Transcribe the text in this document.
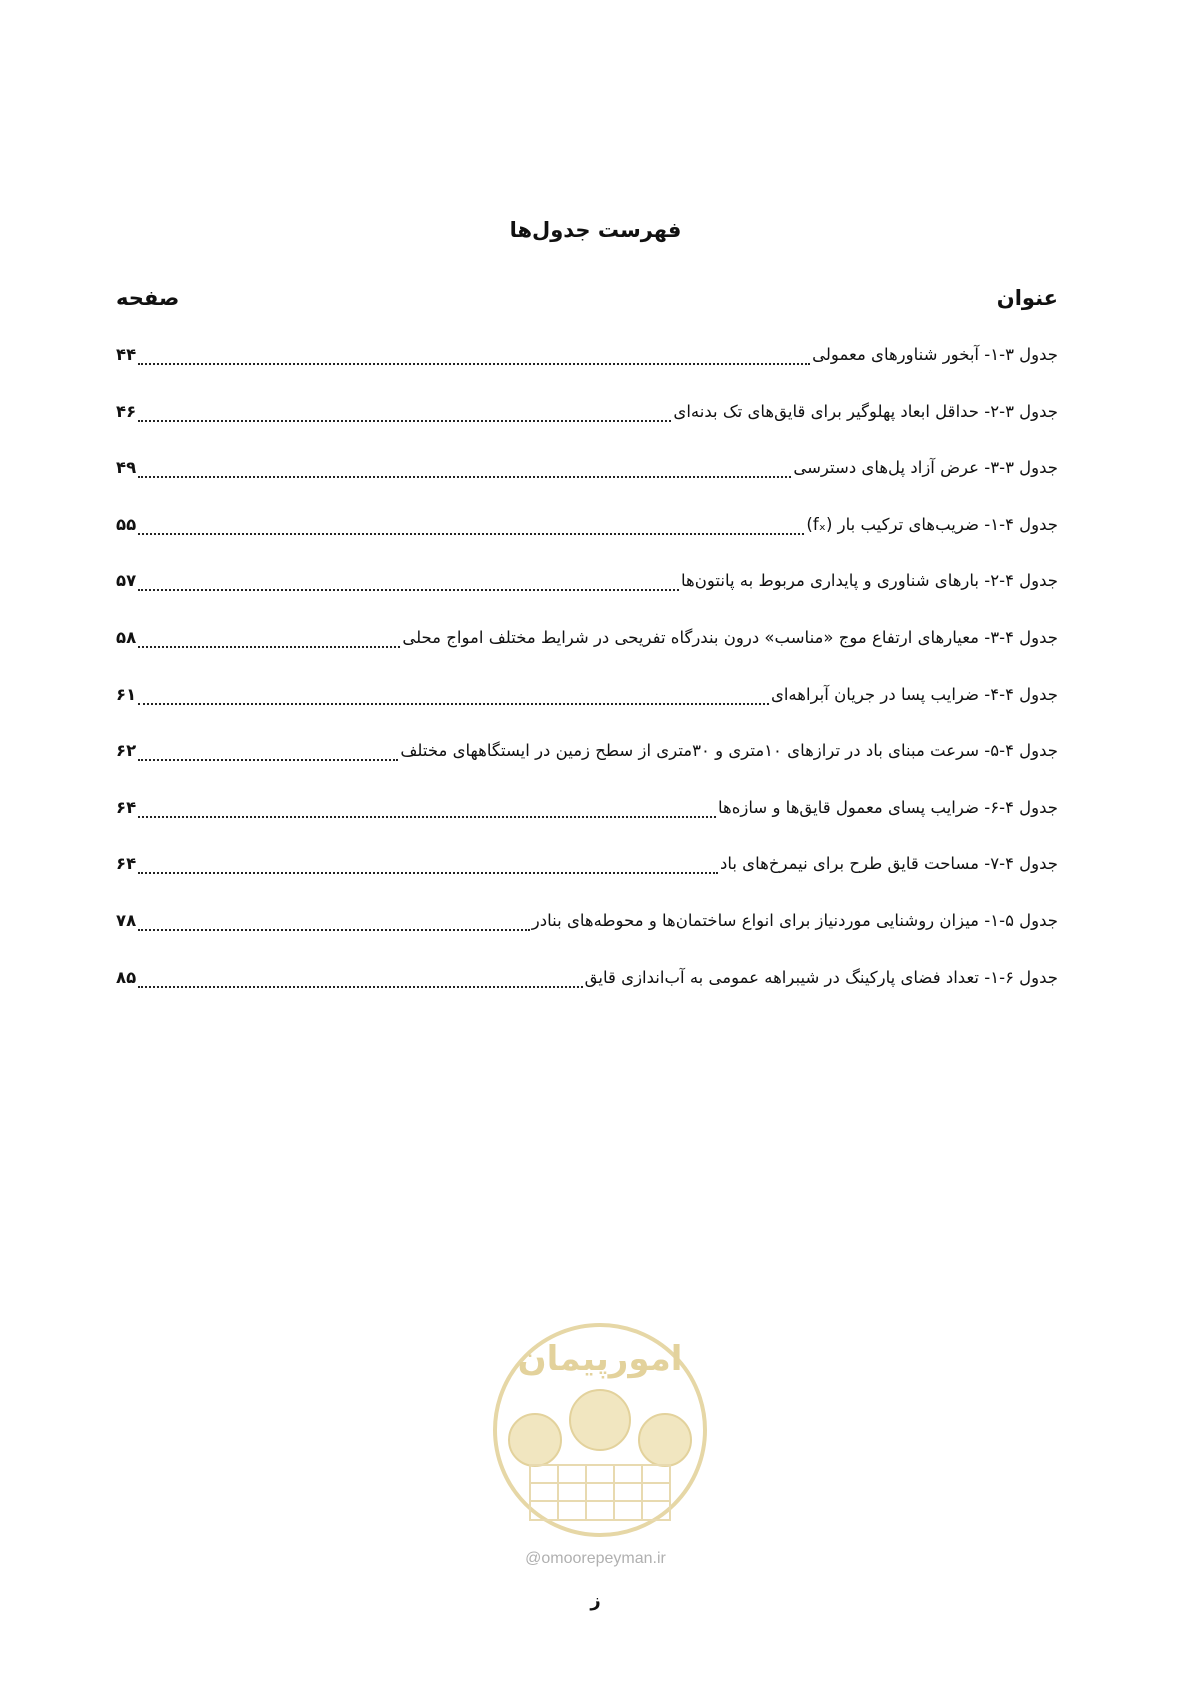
فهرست جدول‌ها
عنوان
صفحه
جدول ۳-۱- آبخور شناورهای معمولی
۴۴
جدول ۳-۲- حداقل ابعاد پهلوگیر برای قایق‌های تک بدنه‌ای
۴۶
جدول ۳-۳- عرض آزاد پل‌های دسترسی
۴۹
جدول ۴-۱- ضریب‌های ترکیب بار (fₓ)
۵۵
جدول ۴-۲- بارهای شناوری و پایداری مربوط به پانتون‌ها
۵۷
جدول ۴-۳- معیارهای ارتفاع موج «مناسب» درون بندرگاه تفریحی در شرایط مختلف امواج محلی
۵۸
جدول ۴-۴- ضرایب پسا در جریان آبراهه‌ای
۶۱
جدول ۴-۵- سرعت مبنای باد در ترازهای ۱۰متری و ۳۰متری از سطح زمین در ایستگاههای مختلف
۶۲
جدول ۴-۶- ضرایب پسای معمول قایق‌ها و سازه‌ها
۶۴
جدول ۴-۷- مساحت قایق طرح برای نیمرخ‌های باد
۶۴
جدول ۵-۱- میزان روشنایی موردنیاز برای انواع ساختمان‌ها و محوطه‌های بنادر
۷۸
جدول ۶-۱- تعداد فضای پارکینگ در شیبراهه عمومی به آب‌اندازی قایق
۸۵
امورپیمان
@omoorepeyman.ir
ز
